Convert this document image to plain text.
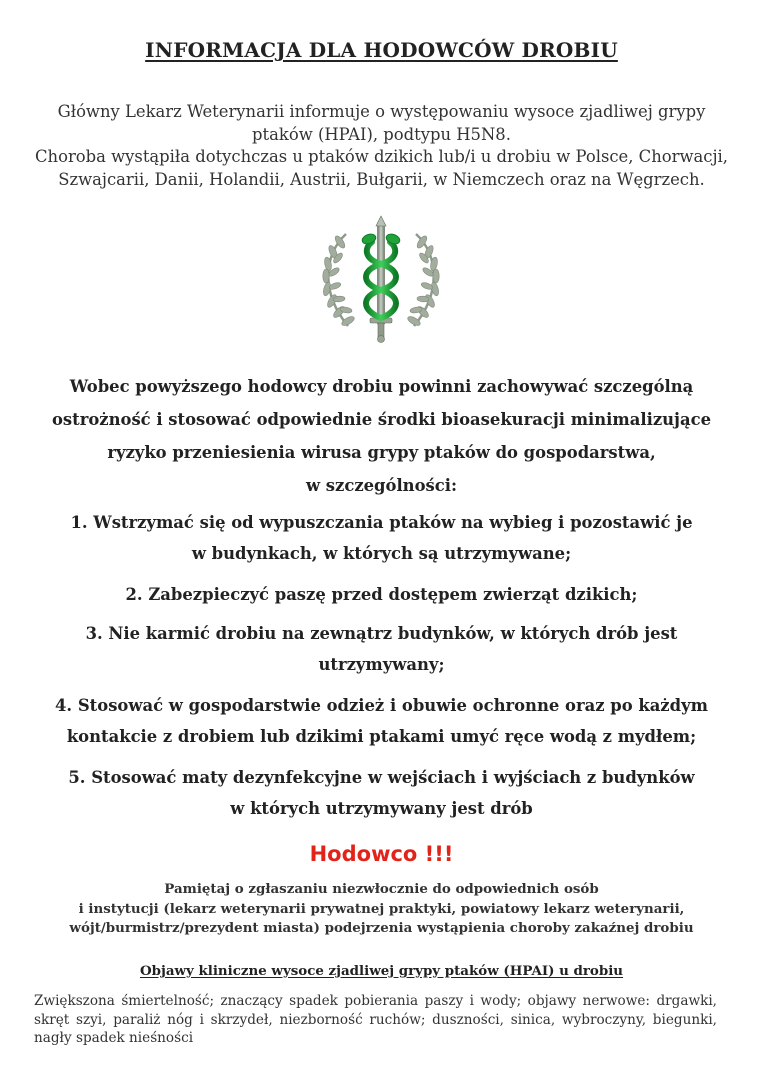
INFORMACJA DLA HODOWCÓW DROBIU

Główny Lekarz Weterynarii informuje o występowaniu wysoce zjadliwej grypy ptaków (HPAI), podtypu H5N8.

Choroba wystąpiła dotychczas u ptaków dzikich lub/i u drobiu w Polsce, Chorwacji, Szwajcarii, Danii, Holandii, Austrii, Bułgarii, w Niemczech oraz na Węgrzech.

Wobec powyższego hodowcy drobiu powinni zachowywać szczególną

ostrożność i stosować odpowiednie środki bioasekuracji minimalizujące

ryzyko przeniesienia wirusa grypy ptaków do gospodarstwa,

w szczególności:

1. Wstrzymać się od wypuszczania ptaków na wybieg i pozostawić je
w budynkach, w których są utrzymywane;
2. Zabezpieczyć paszę przed dostępem zwierząt dzikich;
3. Nie karmić drobiu na zewnątrz budynków, w których drób jest
utrzymywany;
4. Stosować w gospodarstwie odzież i obuwie ochronne oraz po każdym
kontakcie z drobiem lub dzikimi ptakami umyć ręce wodą z mydłem;
5. Stosować maty dezynfekcyjne w wejściach i wyjściach z budynków
w których utrzymywany jest drób
Hodowco !!!

Pamiętaj o zgłaszaniu niezwłocznie do odpowiednich osób

i instytucji (lekarz weterynarii prywatnej praktyki, powiatowy lekarz weterynarii,

wójt/burmistrz/prezydent miasta) podejrzenia wystąpienia choroby zakaźnej drobiu

Objawy kliniczne wysoce zjadliwej grypy ptaków (HPAI) u drobiu
Zwiększona śmiertelność; znaczący spadek pobierania paszy i wody; objawy nerwowe: drgawki, skręt szyi, paraliż nóg i skrzydeł, niezborność ruchów; duszności, sinica, wybroczyny, biegunki, nagły spadek nieśności
